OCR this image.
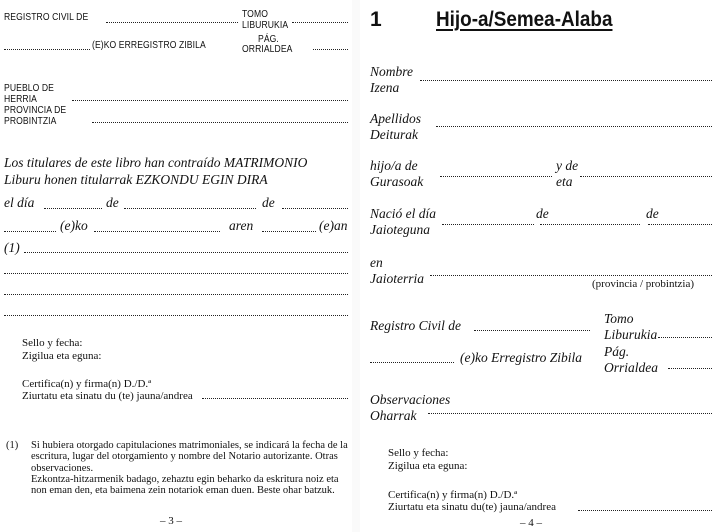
REGISTRO CIVIL DE	TOMO
LIBURUKIA
(E)KO ERREGISTRO ZIBILA
PÁG.
ORRIALDEA
PUEBLO DE
HERRIA
PROVINCIA DE
PROBINTZIA
Los titulares de este libro han contraído MATRIMONIO
Liburu honen titularrak EZKONDU EGIN DIRA
el día	de	de
(e)ko	aren	(e)an
(1)
Sello y fecha:
Zigilua eta eguna:
Certifica(n) y firma(n) D./D.ª
Ziurtatu eta sinatu du (te) jauna/andrea
(1) Si hubiera otorgado capitulaciones matrimoniales, se indicará la fecha de la escritura, lugar del otorgamiento y nombre del Notario autorizante. Otras observaciones.
Ezkontza-hitzarmenik badago, zehaztu egin beharko da eskritura noiz eta non eman den, eta baimena zein notariok eman duen. Beste ohar batzuk.
– 3 –
1	Hijo-a/Semea-Alaba
Nombre
Izena
Apellidos
Deiturak
hijo/a de
Gurasoak
y de
eta
Nació el día
Jaioteguna
de	de
en
Jaioterria	(provincia / probintzia)
Registro Civil de	Tomo
Liburukia
(e)ko Erregistro Zibila Pág.
Orrialdea
Observaciones
Oharrak
Sello y fecha:
Zigilua eta eguna:
Certifica(n) y firma(n) D./D.ª
Ziurtatu eta sinatu du(te) jauna/andrea
– 4 –
